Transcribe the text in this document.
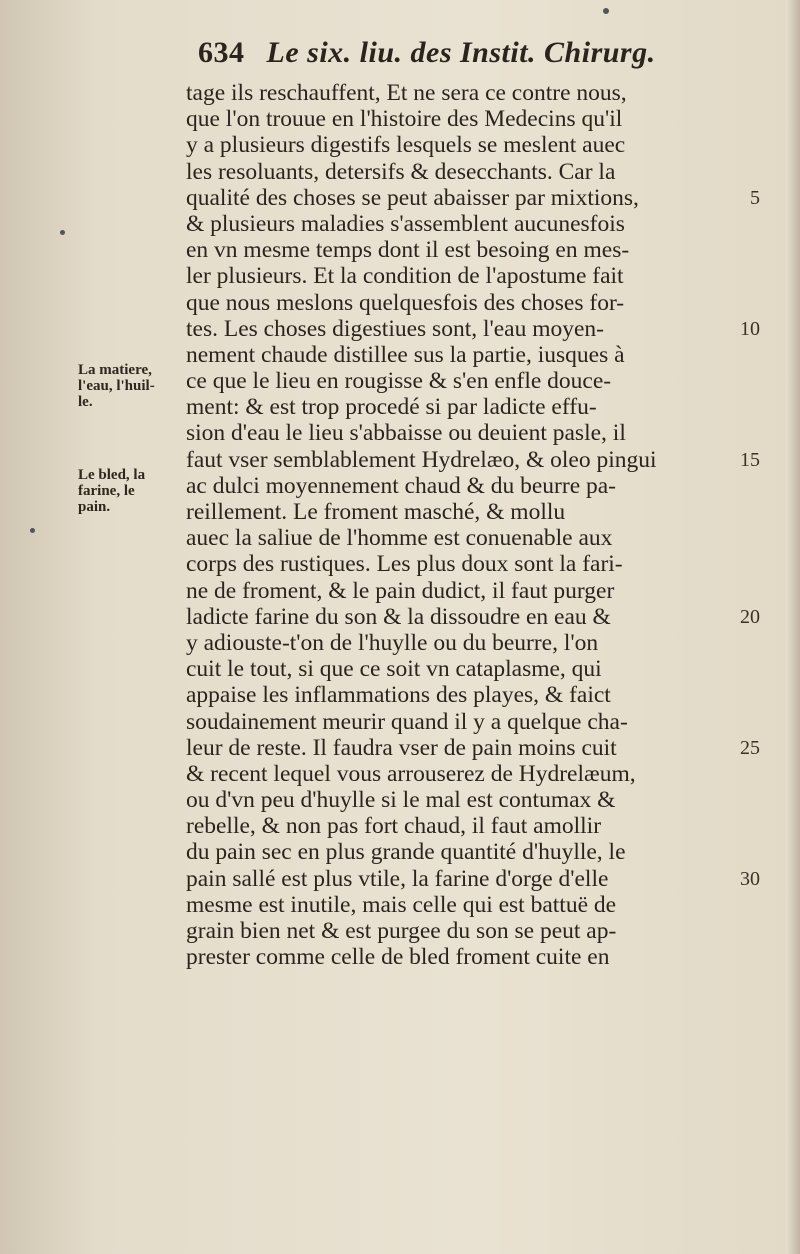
634 Le six. liu. des Instit. Chirurg.
tage ils reschauffent, Et ne sera ce contre nous,
que l'on trouue en l'histoire des Medecins qu'il
y a plusieurs digestifs lesquels se meslent auec
les resoluants, detersifs & desecchants. Car la
qualité des choses se peut abaisser par mixtions,
& plusieurs maladies s'assemblent aucunesfois
en vn mesme temps dont il est besoing en mes-
ler plusieurs. Et la condition de l'apostume fait
que nous meslons quelquesfois des choses for-
tes. Les choses digestiues sont, l'eau moyen-
nement chaude distillee sus la partie, iusques à
ce que le lieu en rougisse & s'en enfle douce-
ment: & est trop procedé si par ladicte effu-
sion d'eau le lieu s'abbaisse ou deuient pasle, il
faut vser semblablement Hydrelæo, & oleo pingui
ac dulci moyennement chaud & du beurre pa-
reillement. Le froment masché, & mollu
auec la saliue de l'homme est conuenable aux
corps des rustiques. Les plus doux sont la fari-
ne de froment, & le pain dudict, il faut purger
ladicte farine du son & la dissoudre en eau &
y adiouste-t'on de l'huylle ou du beurre, l'on
cuit le tout, si que ce soit vn cataplasme, qui
appaise les inflammations des playes, & faict
soudainement meurir quand il y a quelque cha-
leur de reste. Il faudra vser de pain moins cuit
& recent lequel vous arrouserez de Hydrelæum,
ou d'vn peu d'huylle si le mal est contumax &
rebelle, & non pas fort chaud, il faut amollir
du pain sec en plus grande quantité d'huylle, le
pain sallé est plus vtile, la farine d'orge d'elle
mesme est inutile, mais celle qui est battuë de
grain bien net & est purgee du son se peut ap-
prester comme celle de bled froment cuite en
La matiere,
l'eau, l'huil-
le.
Le bled, la
farine, le
pain.
5
10
15
20
25
30
